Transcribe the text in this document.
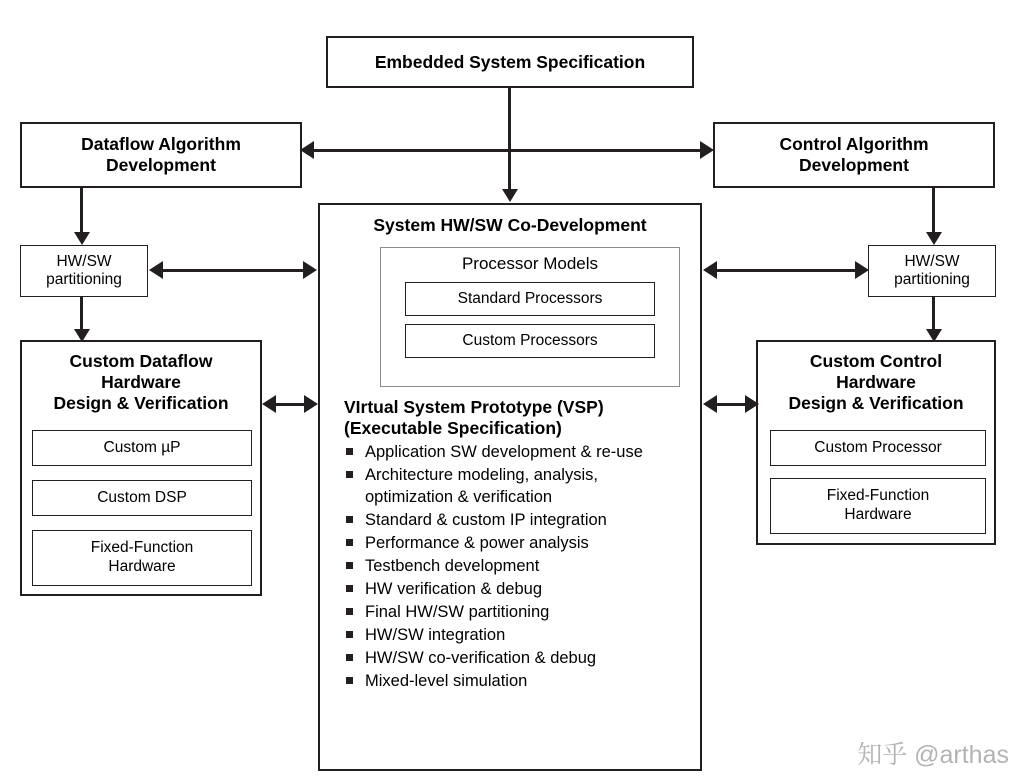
Embedded System Specification
Dataflow Algorithm
Development
HW/SW
partitioning
Custom Dataflow
Hardware
Design & Verification
Custom µP
Custom DSP
Fixed-Function
Hardware
Control Algorithm
Development
HW/SW
partitioning
Custom Control
Hardware
Design & Verification
Custom Processor
Fixed-Function
Hardware
System HW/SW Co-Development
Processor Models
Standard Processors
Custom Processors
VIrtual System Prototype (VSP)
(Executable Specification)
Application SW development & re-use
Architecture modeling, analysis, optimization & verification
Standard & custom IP integration
Performance & power analysis
Testbench development
HW verification & debug
Final HW/SW partitioning
HW/SW integration
HW/SW co-verification & debug
Mixed-level simulation
知乎 @arthas
